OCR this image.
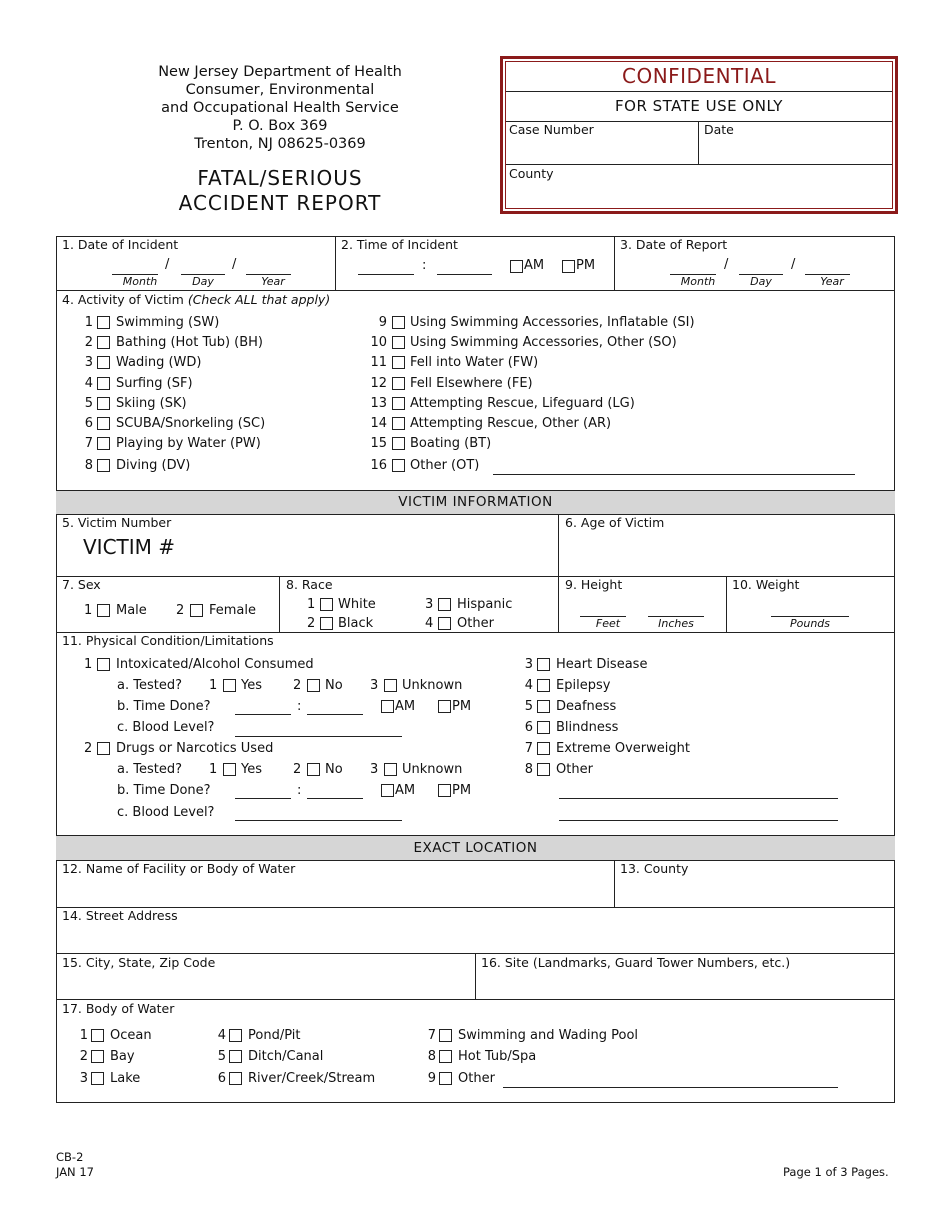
New Jersey Department of Health
Consumer, Environmental
and Occupational Health Service
P. O. Box 369
Trenton, NJ 08625-0369
FATAL/SERIOUS
ACCIDENT REPORT
CONFIDENTIAL
FOR STATE USE ONLY
Case Number	Date
County
1. Date of Incident
/	/
Month	Day	Year
2. Time of Incident
:	AM PM
3. Date of Report
/	/
Month	Day	Year
4. Activity of Victim (Check ALL that apply)
1 Swimming (SW)
2 Bathing (Hot Tub) (BH)
3 Wading (WD)
4 Surfing (SF)
5 Skiing (SK)
6 SCUBA/Snorkeling (SC)
7 Playing by Water (PW)
8 Diving (DV)
9 Using Swimming Accessories, Inflatable (SI)
10 Using Swimming Accessories, Other (SO)
11 Fell into Water (FW)
12 Fell Elsewhere (FE)
13 Attempting Rescue, Lifeguard (LG)
14 Attempting Rescue, Other (AR)
15 Boating (BT)
16 Other (OT)
VICTIM INFORMATION
5. Victim Number
VICTIM #
6. Age of Victim
7. Sex
1 Male 2 Female
8. Race
1 White
2 Black
3 Hispanic
4 Other
9. Height
Feet	Inches
10. Weight
Pounds
11. Physical Condition/Limitations
1 Intoxicated/Alcohol Consumed
a. Tested? 1 Yes 2 No 3 Unknown
b. Time Done?	:	AM	PM
c. Blood Level?
2 Drugs or Narcotics Used
a. Tested? 1 Yes 2 No 3 Unknown
b. Time Done?	:	AM	PM
c. Blood Level?
3 Heart Disease
4 Epilepsy
5 Deafness
6 Blindness
7 Extreme Overweight
8 Other
EXACT LOCATION
12. Name of Facility or Body of Water	13. County
14. Street Address
15. City, State, Zip Code	16. Site (Landmarks, Guard Tower Numbers, etc.)
17. Body of Water
1 Ocean
2 Bay
3 Lake
4 Pond/Pit
5 Ditch/Canal
6 River/Creek/Stream
7 Swimming and Wading Pool
8 Hot Tub/Spa
9 Other
CB-2
JAN 17	Page 1 of 3 Pages.
